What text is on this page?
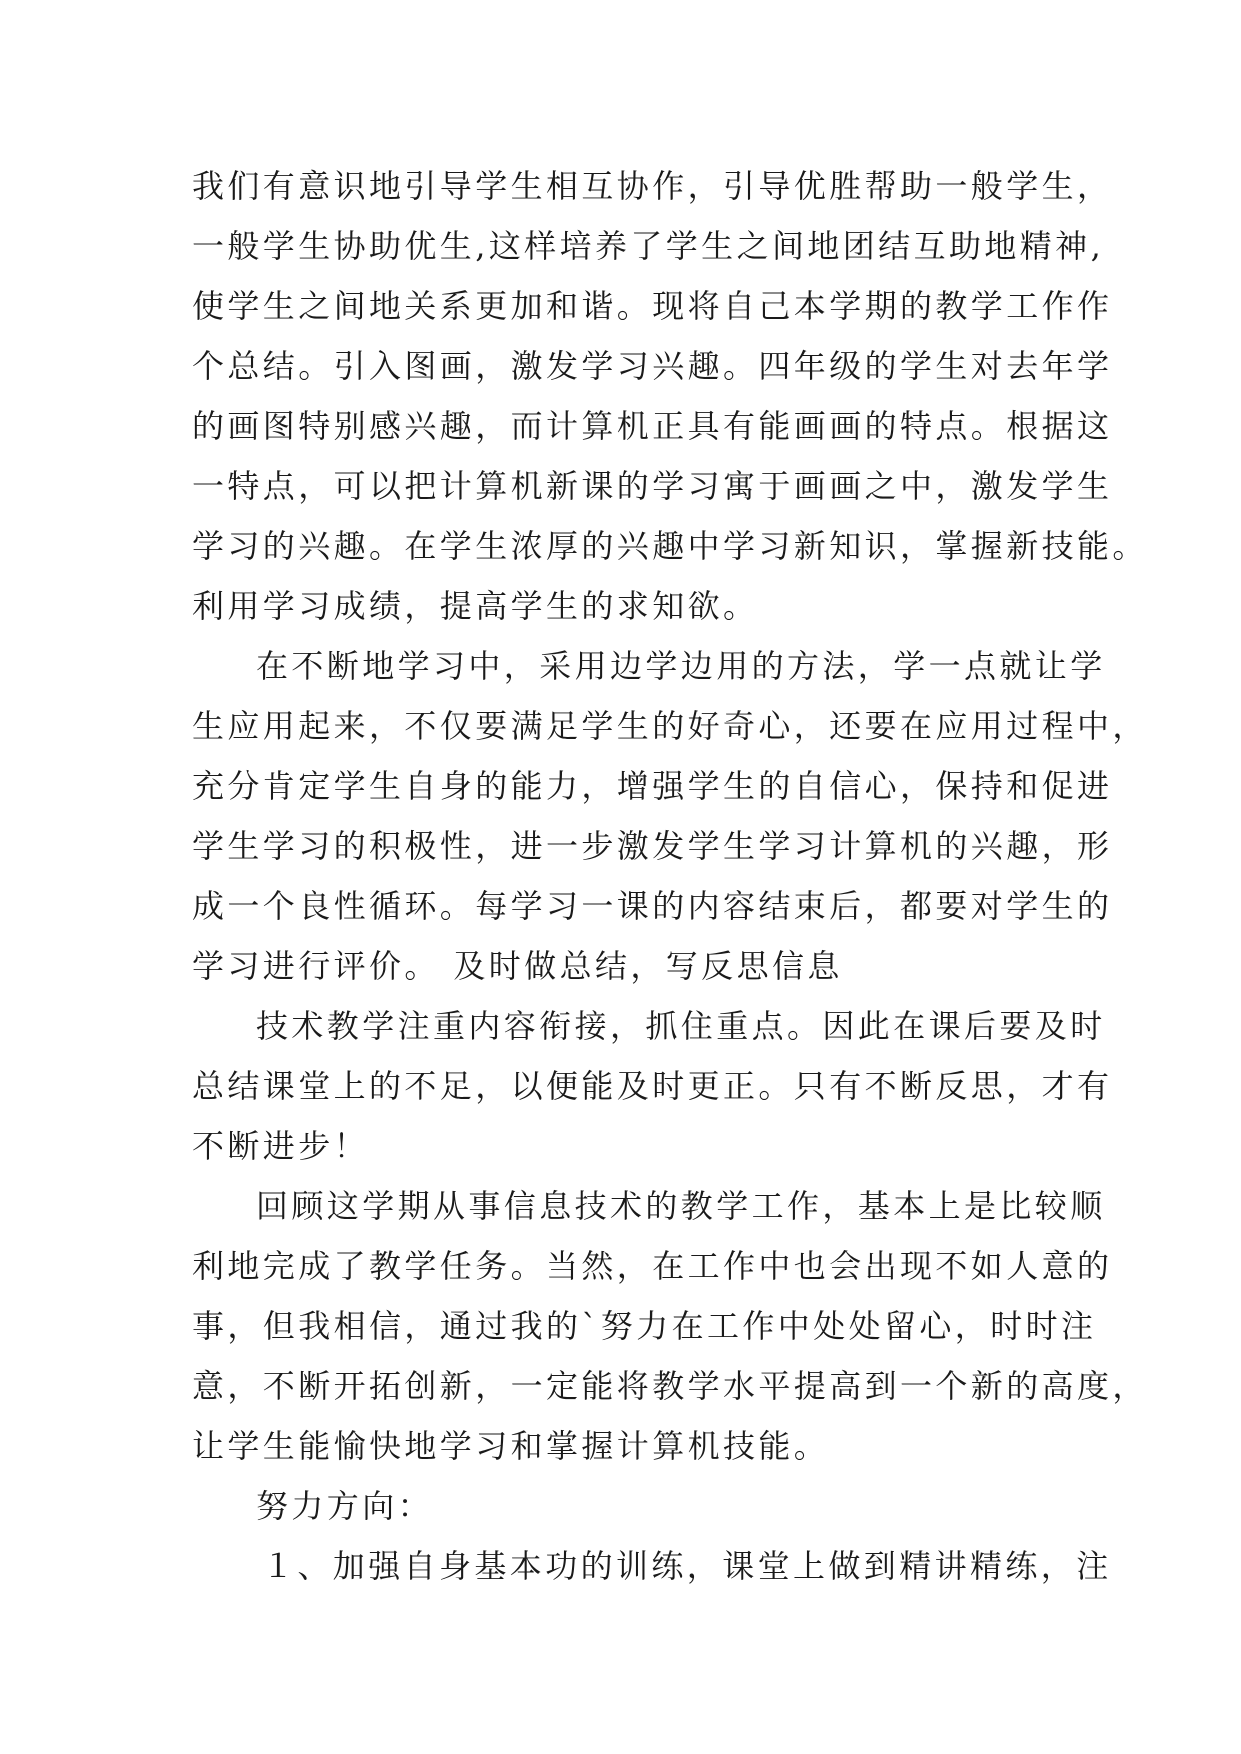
我们有意识地引导学生相互协作，引导优胜帮助一般学生，
一般学生协助优生,这样培养了学生之间地团结互助地精神,
使学生之间地关系更加和谐。现将自己本学期的教学工作作
个总结。引入图画，激发学习兴趣。四年级的学生对去年学
的画图特别感兴趣，而计算机正具有能画画的特点。根据这
一特点，可以把计算机新课的学习寓于画画之中，激发学生
学习的兴趣。在学生浓厚的兴趣中学习新知识，掌握新技能。
利用学习成绩，提高学生的求知欲。
在不断地学习中，采用边学边用的方法，学一点就让学
生应用起来，不仅要满足学生的好奇心，还要在应用过程中，
充分肯定学生自身的能力，增强学生的自信心，保持和促进
学生学习的积极性，进一步激发学生学习计算机的兴趣，形
成一个良性循环。每学习一课的内容结束后，都要对学生的
学习进行评价。 及时做总结，写反思信息
技术教学注重内容衔接，抓住重点。因此在课后要及时
总结课堂上的不足，以便能及时更正。只有不断反思，才有
不断进步！
回顾这学期从事信息技术的教学工作，基本上是比较顺
利地完成了教学任务。当然，在工作中也会出现不如人意的
事，但我相信，通过我的`努力在工作中处处留心，时时注
意，不断开拓创新，一定能将教学水平提高到一个新的高度，
让学生能愉快地学习和掌握计算机技能。
努力方向：
１、加强自身基本功的训练，课堂上做到精讲精练，注
